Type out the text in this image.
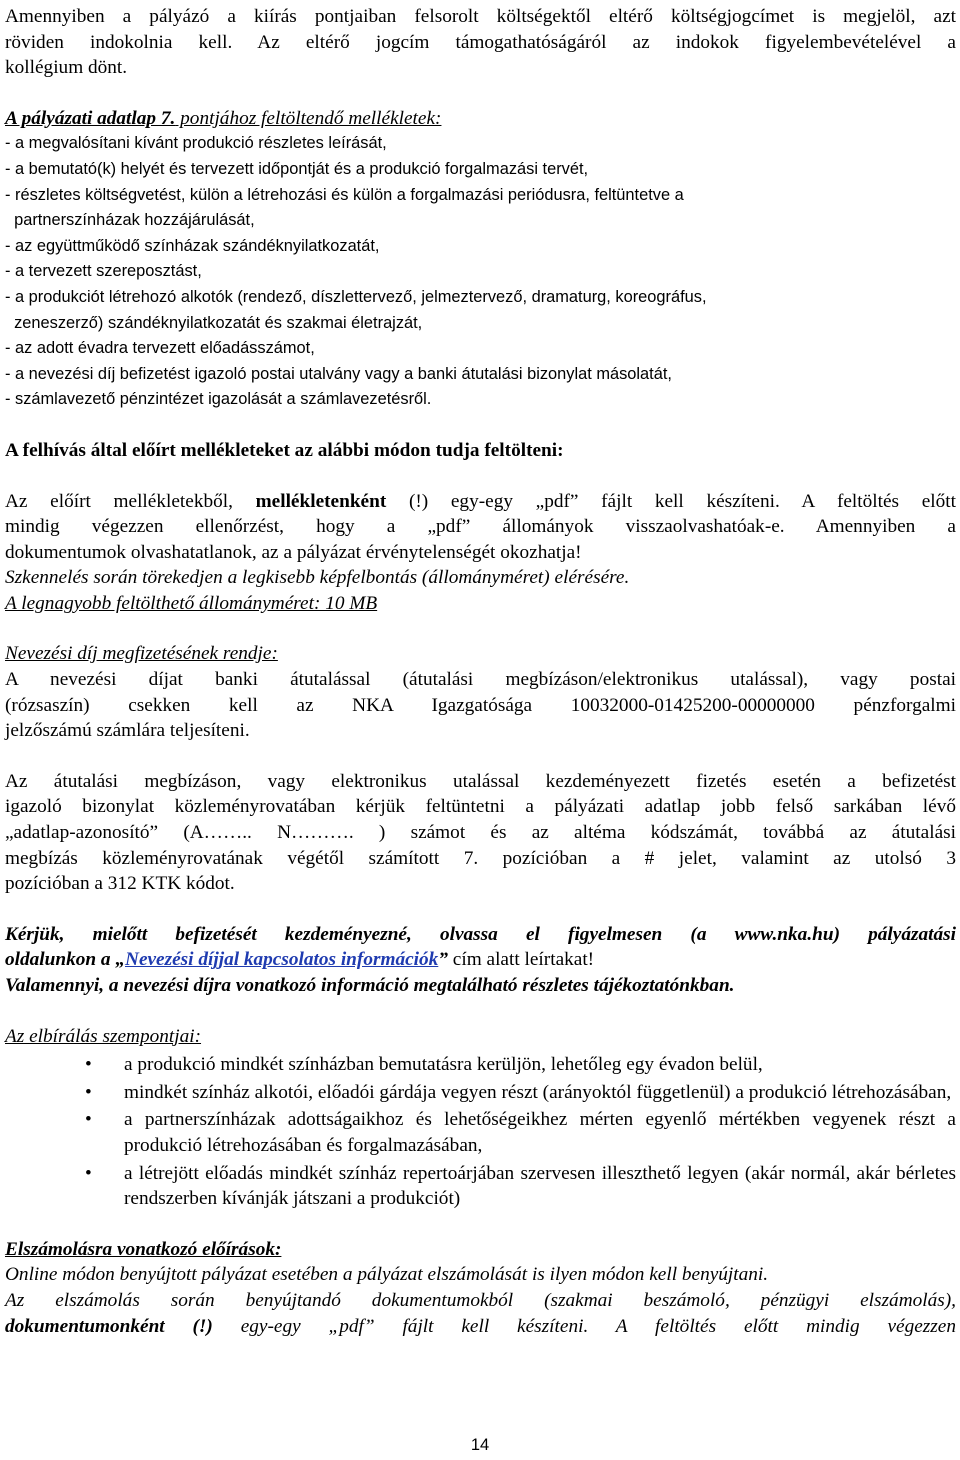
Amennyiben a pályázó a kiírás pontjaiban felsorolt költségektől eltérő költségjogcímet is megjelöl, azt
röviden indokolnia kell. Az eltérő jogcím támogathatóságáról az indokok figyelembevételével a
kollégium dönt.

A pályázati adatlap 7. pontjához feltöltendő mellékletek:

- a megvalósítani kívánt produkció részletes leírását,
- a bemutató(k) helyét és tervezett időpontját és a produkció forgalmazási tervét,
- részletes költségvetést, külön a létrehozási és külön a forgalmazási periódusra, feltüntetve a
partnerszínházak hozzájárulását,
- az együttműködő színházak szándéknyilatkozatát,
- a tervezett szereposztást,
- a produkciót létrehozó alkotók (rendező, díszlettervező, jelmeztervező, dramaturg, koreográfus,
zeneszerző) szándéknyilatkozatát és szakmai életrajzát,
- az adott évadra tervezett előadásszámot,
- a nevezési díj befizetést igazoló postai utalvány vagy a banki átutalási bizonylat másolatát,
- számlavezető pénzintézet igazolását a számlavezetésről.

A felhívás által előírt mellékleteket az alábbi módon tudja feltölteni:

Az előírt mellékletekből, mellékletenként (!) egy-egy „pdf” fájlt kell készíteni. A feltöltés előtt
mindig végezzen ellenőrzést, hogy a „pdf” állományok visszaolvashatóak-e. Amennyiben a
dokumentumok olvashatatlanok, az a pályázat érvénytelenségét okozhatja!
Szkennelés során törekedjen a legkisebb képfelbontás (állományméret) elérésére.
A legnagyobb feltölthető állományméret: 10 MB

Nevezési díj megfizetésének rendje:

A nevezési díjat banki átutalással (átutalási megbízáson/elektronikus utalással), vagy postai
(rózsaszín) csekken kell az NKA Igazgatósága 10032000-01425200-00000000 pénzforgalmi
jelzőszámú számlára teljesíteni.

Az átutalási megbízáson, vagy elektronikus utalással kezdeményezett fizetés esetén a befizetést
igazoló bizonylat közleményrovatában kérjük feltüntetni a pályázati adatlap jobb felső sarkában lévő
„adatlap-azonosító” (A…….. N………. ) számot és az altéma kódszámát, továbbá az átutalási
megbízás közleményrovatának végétől számított 7. pozícióban a # jelet, valamint az utolsó 3
pozícióban a 312 KTK kódot.

Kérjük, mielőtt befizetését kezdeményezné, olvassa el figyelmesen (a www.nka.hu) pályázatási
oldalunkon a „Nevezési díjjal kapcsolatos információk” cím alatt leírtakat!
Valamennyi, a nevezési díjra vonatkozó információ megtalálható részletes tájékoztatónkban.

Az elbírálás szempontjai:

• a produkció mindkét színházban bemutatásra kerüljön, lehetőleg egy évadon belül,
• mindkét színház alkotói, előadói gárdája vegyen részt (arányoktól függetlenül) a produkció létrehozásában,
• a partnerszínházak adottságaikhoz és lehetőségeikhez mérten egyenlő mértékben vegyenek részt a produkció létrehozásában és forgalmazásában,
• a létrejött előadás mindkét színház repertoárjában szervesen illeszthető legyen (akár normál, akár bérletes rendszerben kívánják játszani a produkciót)

Elszámolásra vonatkozó előírások:

Online módon benyújtott pályázat esetében a pályázat elszámolását is ilyen módon kell benyújtani.
Az elszámolás során benyújtandó dokumentumokból (szakmai beszámoló, pénzügyi elszámolás),
dokumentumonként (!) egy-egy „pdf” fájlt kell készíteni. A feltöltés előtt mindig végezzen

14
